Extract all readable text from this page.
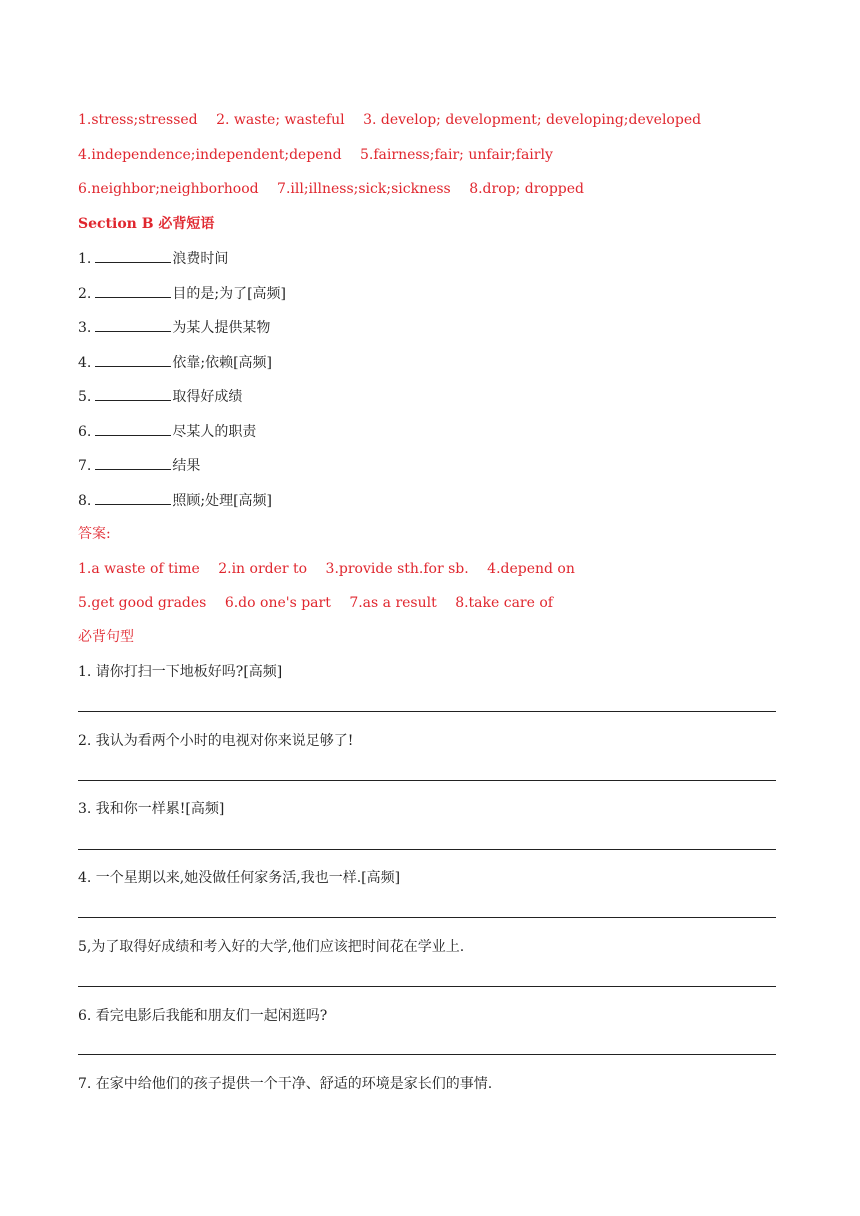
1.stress;stressed 2. waste; wasteful 3. develop; development; developing;developed
4.independence;independent;depend 5.fairness;fair; unfair;fairly
6.neighbor;neighborhood 7.ill;illness;sick;sickness 8.drop; dropped
Section B 必背短语
1.	浪费时间
2.	目的是;为了[高频]
3.	为某人提供某物
4.	依靠;依赖[高频]
5.	取得好成绩
6.	尽某人的职责
7.	结果
8.	照顾;处理[高频]
答案:
1.a waste of time 2.in order to 3.provide sth.for sb. 4.depend on
5.get good grades 6.do one's part 7.as a result 8.take care of
必背句型
1. 请你打扫一下地板好吗?[高频]
2. 我认为看两个小时的电视对你来说足够了!
3. 我和你一样累![高频]
4. 一个星期以来,她没做任何家务活,我也一样.[高频]
5,为了取得好成绩和考入好的大学,他们应该把时间花在学业上.
6. 看完电影后我能和朋友们一起闲逛吗?
7. 在家中给他们的孩子提供一个干净、舒适的环境是家长们的事情.
